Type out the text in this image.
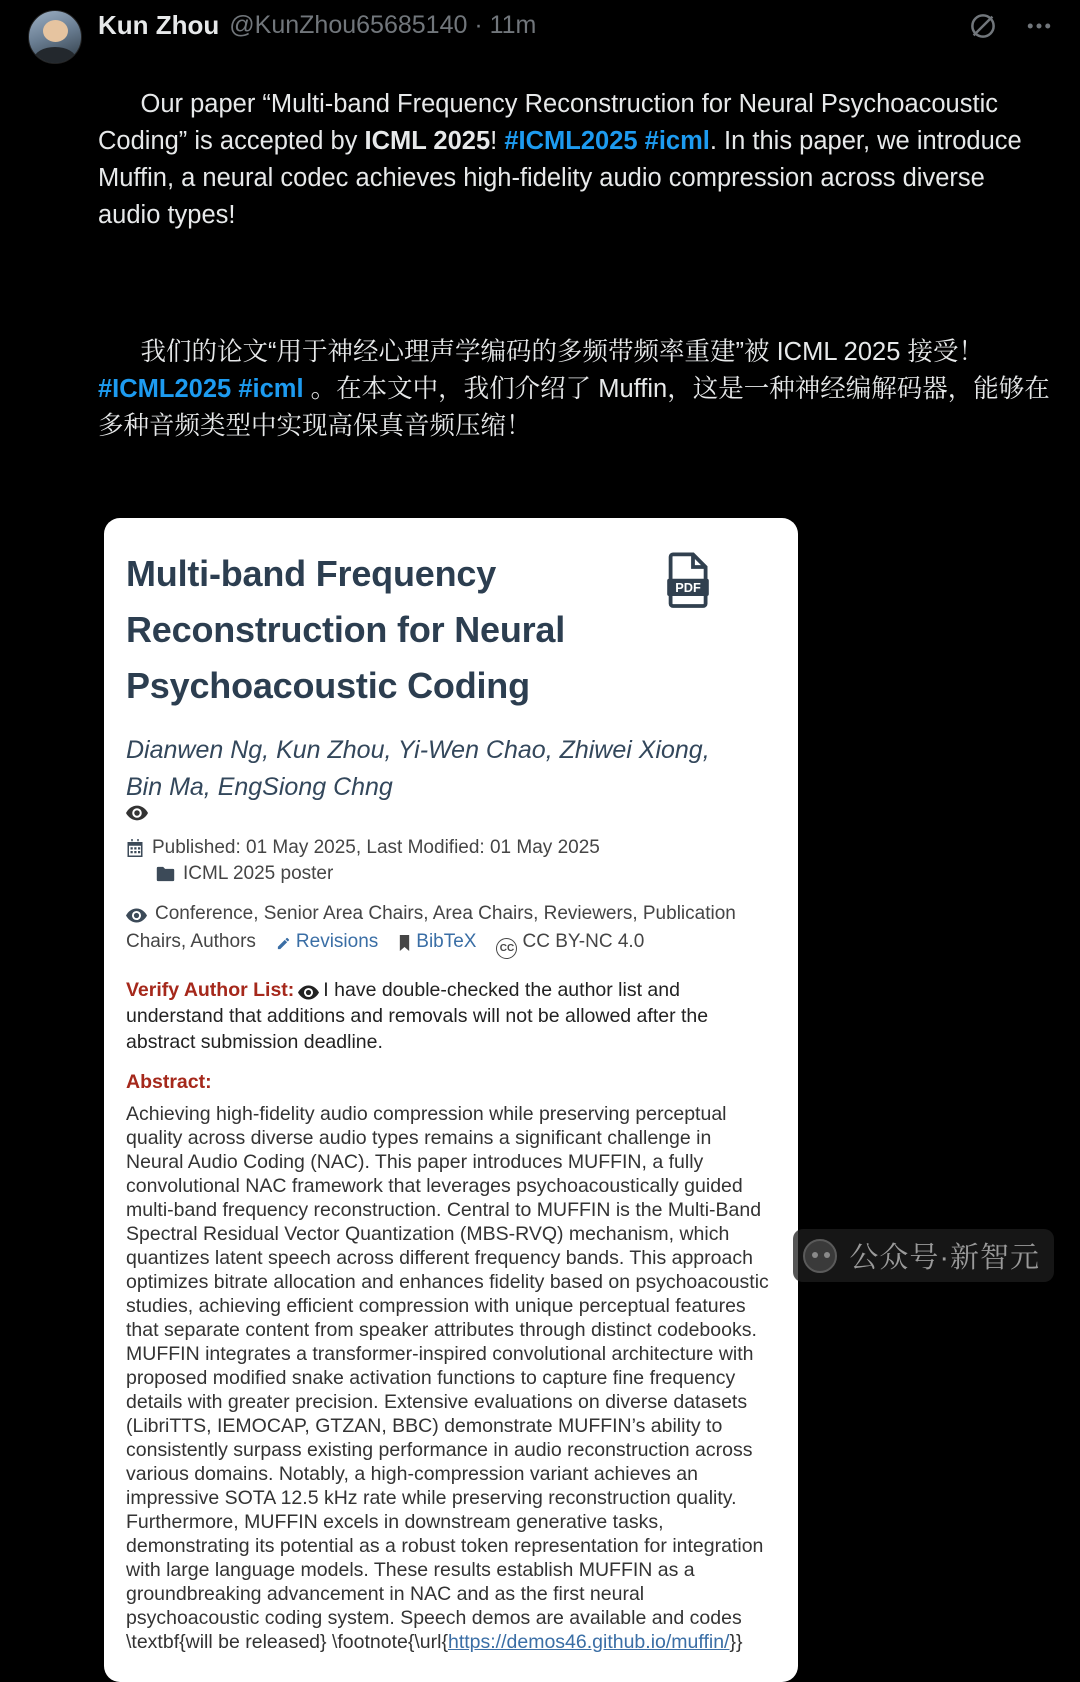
Kun Zhou @KunZhou65685140 · 11m

Our paper “Multi-band Frequency Reconstruction for Neural Psychoacoustic Coding” is accepted by ICML 2025! #ICML2025 #icml. In this paper, we introduce Muffin, a neural codec achieves high-fidelity audio compression across diverse audio types!

我们的论文“用于神经心理声学编码的多频带频率重建”被 ICML 2025 接受！#ICML2025 #icml 。在本文中，我们介绍了 Muffin，这是一种神经编解码器，能够在多种音频类型中实现高保真音频压缩！

Multi-band Frequency Reconstruction for Neural Psychoacoustic Coding
PDF
Dianwen Ng, Kun Zhou, Yi-Wen Chao, Zhiwei Xiong, Bin Ma, EngSiong Chng
Published: 01 May 2025, Last Modified: 01 May 2025

ICML 2025 poster
Conference, Senior Area Chairs, Area Chairs, Reviewers, Publication Chairs, Authors Revisions BibTeX CC CC BY-NC 4.0
Verify Author List: I have double-checked the author list and understand that additions and removals will not be allowed after the abstract submission deadline.
Abstract:
Achieving high-fidelity audio compression while preserving perceptual quality across diverse audio types remains a significant challenge in Neural Audio Coding (NAC). This paper introduces MUFFIN, a fully convolutional NAC framework that leverages psychoacoustically guided multi-band frequency reconstruction. Central to MUFFIN is the Multi-Band Spectral Residual Vector Quantization (MBS-RVQ) mechanism, which quantizes latent speech across different frequency bands. This approach optimizes bitrate allocation and enhances fidelity based on psychoacoustic studies, achieving efficient compression with unique perceptual features that separate content from speaker attributes through distinct codebooks. MUFFIN integrates a transformer-inspired convolutional architecture with proposed modified snake activation functions to capture fine frequency details with greater precision. Extensive evaluations on diverse datasets (LibriTTS, IEMOCAP, GTZAN, BBC) demonstrate MUFFIN’s ability to consistently surpass existing performance in audio reconstruction across various domains. Notably, a high-compression variant achieves an impressive SOTA 12.5 kHz rate while preserving reconstruction quality. Furthermore, MUFFIN excels in downstream generative tasks, demonstrating its potential as a robust token representation for integration with large language models. These results establish MUFFIN as a groundbreaking advancement in NAC and as the first neural psychoacoustic coding system. Speech demos are available and codes \textbf{will be released} \footnote{\url{https://demos46.github.io/muffin/}}
公众号·新智元
